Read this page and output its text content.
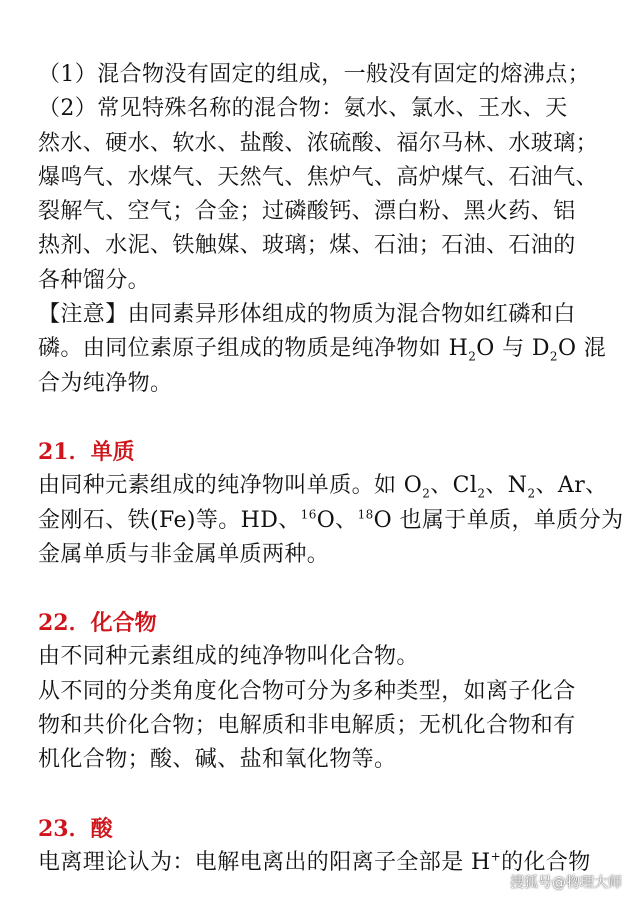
（1）混合物没有固定的组成，一般没有固定的熔沸点；
（2）常见特殊名称的混合物：氨水、氯水、王水、天
然水、硬水、软水、盐酸、浓硫酸、福尔马林、水玻璃；
爆鸣气、水煤气、天然气、焦炉气、高炉煤气、石油气、
裂解气、空气；合金；过磷酸钙、漂白粉、黑火药、铝
热剂、水泥、铁触媒、玻璃；煤、石油；石油、石油的
各种馏分。
【注意】由同素异形体组成的物质为混合物如红磷和白
磷。由同位素原子组成的物质是纯净物如 $H_2O$ 与 $D_2O$ 混
合为纯净物。
21．单质
由同种元素组成的纯净物叫单质。如 $O_2$、$Cl_2$、$N_2$、Ar、
金刚石、铁(Fe)等。HD、$^{16}$O、$^{18}$O 也属于单质，单质分为
金属单质与非金属单质两种。
22．化合物
由不同种元素组成的纯净物叫化合物。
从不同的分类角度化合物可分为多种类型，如离子化合
物和共价化合物；电解质和非电解质；无机化合物和有
机化合物；酸、碱、盐和氧化物等。
23．酸
电离理论认为：电解电离出的阳离子全部是 H+的化合物
搜狐号@物理大师
